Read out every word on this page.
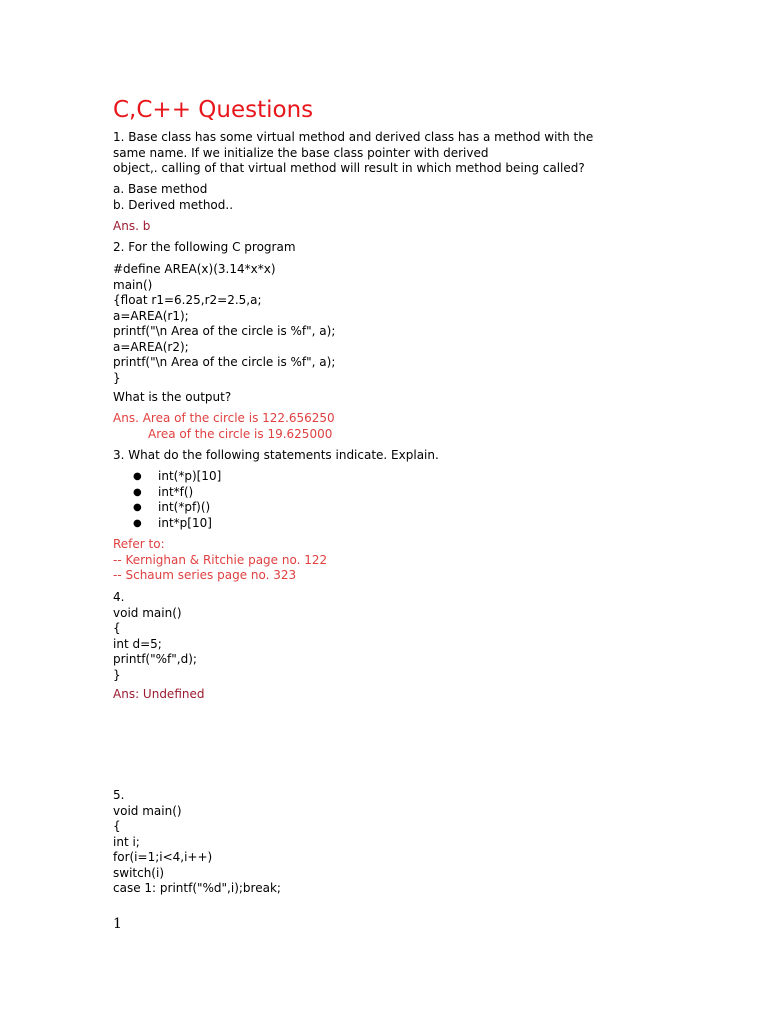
C,C++ Questions

1. Base class has some virtual method and derived class has a method with the

same name. If we initialize the base class pointer with derived

object,. calling of that virtual method will result in which method being called?

a. Base method

b. Derived method..

Ans. b

2. For the following C program

#define AREA(x)(3.14*x*x)

main()

{float r1=6.25,r2=2.5,a;

a=AREA(r1);

printf("\n Area of the circle is %f", a);

a=AREA(r2);

printf("\n Area of the circle is %f", a);

}

What is the output?

Ans. Area of the circle is 122.656250

Area of the circle is 19.625000

3. What do the following statements indicate. Explain.

● int(*p)[10]
● int*f()
● int(*pf)()
● int*p[10]

Refer to:

-- Kernighan & Ritchie page no. 122

-- Schaum series page no. 323

4.

void main()

{

int d=5;

printf("%f",d);

}

Ans: Undefined

5.

void main()

{

int i;

for(i=1;i<4,i++)

switch(i)

case 1: printf("%d",i);break;

1
